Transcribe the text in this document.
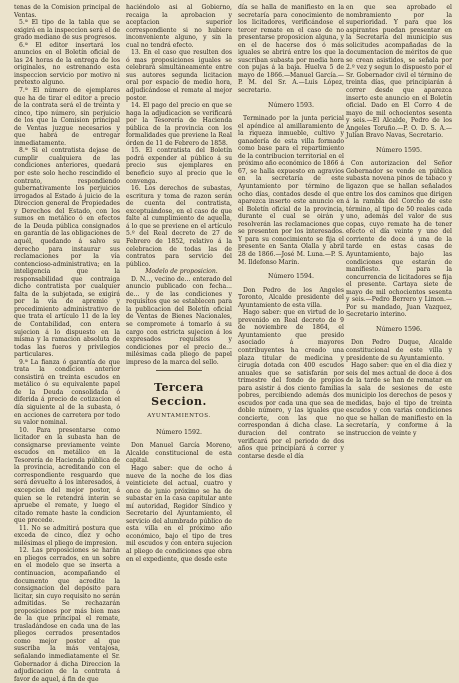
tenas de la Comision principal de Ventas.

5.ª El tipo de la tabla que se exigirá en la inspeccion será el de grado mediano de sus progresos.

6.ª El editor insertará los anuncios en el Boletín oficial de las 24 horas de la entrega de los originales, no estrenando esta inspeccion servicio por motivo ni pretexto alguno.

7.ª El número de ejemplares que ha de tirar el editor a precio de la contrata será el de treinta y cinco, tipo número, sin perjuicio de los que la Comision principal de Ventas juzgue necesarios y que habrá de entregar inmediatamente.

8.ª Si el contratista dejase de cumplir cualquiera de las condiciones anteriores, quedará por este solo hecho rescindido el contrato, respondiendo gubernativamente los perjuicios irrogados al Estado á juicio de la Direccion general de Propiedades y Derechos del Estado, con los sumos en metálico ó en efectos de la Deuda pública consignados en garantía de las obligaciones de aquél, quedando á salvo su derecho para instaurar sus reclamaciones por la vía contencioso-administrativa; en la inteligencia que la responsabilidad que contraiga dicho contratista por cualquier falta de la subjetada, se exigirá por la vía de apremio y procedimiento administrativo de que trata el artículo 11 de la ley de Contabilidad, con entera sujecion á lo dispuesto en la misma y la ramacion absoluta de todas las fueros y privilegios particulares.

9.ª La fianza ó garantía de que trata la condicion anterior consistirá en treinta escudos en metálico ó su equivalente papel de la Deuda consolidada ó diferida á precio de cotizacion el día siguiente al de la subasta, ó en acciones de carretera por todo su valor nominal.

10. Para presentarse como licitador en la subasta han de consignarse previamente veinte escudos en metálico en la Tesorería de Hacienda pública de la provincia, acreditando con el correspondiente resguardo que será devuelto á los interesados, á excepcion del mejor postor, á quien se le retendrá interin se apruebe el remate, y luego el citado remate haste la condicion que precede.

11. No se admitirá postura que exceda de cinco, diez y ocho milésimas el pliego de impresion.

12. Las proposiciones se harán en pliegos cerrados, en un sobre en el modelo que se inserta a continuacion, acompañando el documento que acredite la consignacion del depósito para licitar, sin cuyo requisito no serán admitidas. Se rechazarán proposiciones por más bien mas de la que principal el remate, trasladándose en cada una de las pliegos cerrados presentados como mejor postor al que suscriba la más ventajosa, señalando inmediatamente el Sr. Gobernador á dicha Direccion la adjudicacion de la contrata á favor de aquel, á fin de que

haciéndolo asi al Gobierno, recaiga la aprobacion y aceptacion superior correspondiente si no hubiere inconveniente alguno, y sin la cual no tendrá efecto.

13. En el caso que resulten dos ó mas proposiciones iguales se celebrará simultáneamente entre sus autores segunda licitacion oral por espacio de medio hora, adjudicándose el remate al mejor postor.

14. El pago del precio en que se haga la adjudicacion se verificará por la Tesorería de Hacienda pública de la provincia con los formalidades que previene la Real órden de 11 de Febrero de 1858.

15. El contratista del Boletín podrá expender al público á su precio sus ejemplares en beneficio suyo al precio que le convenga.

16. Los derechos de subastas, escritura y toma de razon serán de cuenta del contratista, exceptuándose, en el caso de que falte al cumplimiento de aquella, á lo que se previene en el artículo 5.º del Real decreto de 27 de Febrero de 1852, relativo á la celebracion de todas las de contratos para servicio del público.

Modelo de proposicion.

D. N..., vecino de... enterado del anuncio publicado con fecha... de... y de las condiciones y requisitos que se establecen para la publicacion del Boletín oficial de Ventas de Bienes Nacionales, se compromete á tomarlo á su cargo con estricta sujecion á los expresados requisitos y condiciones por el precio de... milésimas cada pliego de papel impreso de la marca del sello.

Tercera Seccion.
AYUNTAMIENTOS.
Número 1592.

Don Manuel García Moreno, Alcalde constitucional de esta capital.

Hago saber: que de ocho á nueve de la noche de los dias veinticiete del actual, cuatro y once de junio próximo se ha de subastar en la casa capitular ante mí autoridad, Regidor Síndico y Secretario del Ayuntamiento, el servicio del alumbrado público de esta villa en el próximo año económico, bajo el tipo de tres mil escudos y con entera sujecion al pliego de condiciones que obra en el expediente, que desde este

día se halla de manifiesto en la secretaría para conocimiento de los licitadores, verificándose el tercer remate en el caso de no presentarse proposicion alguna, y en el de hacerse dos ó más iguales se abrirá entre los que la suscriban subasta por media hora con pujas á la baja. Huelva 5 de mayo de 1866.—Manuel García.—P. M. del Sr. A.—Luis López, secretario.

Número 1593.

Terminado por la junta pericial el apéndice al amillaramiento de la riqueza inmueble, cultivo y ganadería de esta villa formado como base para el repartimiento de la contribucion territorial en el próximo año económico de 1866 á 67, se halla expuesto en agravios en la secretaría de este Ayuntamiento por término de ocho días, contados desde el que aparezca inserto este anuncio en el Boletín oficial de la provincia, durante el cual se oirán y resolverán las reclamaciones que se presenten por los interesados. Y para su conocimiento se fija el presente en Santa Olalla y abril 28 de 1866.—José M. Luna.—P. S. M. Ildefonso Marin.

Número 1594.

Don Pedro de los Angeles Toronto, Alcalde presidente del Ayuntamiento de esta villa.

Hago saber: que en virtud de lo prevenido en Real decreto de 9 de noviembre de 1864, el Ayuntamiento que presido asociado á mayores contribuyentes ha creado una plaza titular de medicina y cirugía dotada con 400 escudos anuales que se satisfarán por trimestre del fondo de propios para asistir á dos ciento familias pobres, percibiendo además dos escudos por cada una que sea de doble número, y las iguales que concierte, con las que no correspondan á dicha clase. La duracion del contrato se verificará por el periodo de dos años que principiará á correr y contarse desde el día

en que sea aprobado el nombramiento por la superioridad. Y para que los aspirantes puedan presentar en la Secretaría del municipio sus solicitudes acompañadas de la documentacion de méritos de que se crean asistidos, se señala por 2.º vez y segun lo dispuesto por el Sr. Gobernador civil el término de treinta días, que principiarán á correr desde que aparezca inserto este anuncio en el Boletín oficial. Dado en El Corro 4 de mayo de mil ochocientos sesenta y seis.—El Alcalde, Pedro de los Angeles Toruño.—P. O. D. S. A.—Julian Bravo Navas, Secretario.

Número 1595.

Con autorizacion del Señor Gobernador se vende en pública subasta novena pinos de tabaco y ligazon que se hallan señalados entre los dos caminos que dirigen á la rambla del Corcho de este término, al tipo de 50 reales cada uno, además del valor de sus copas, cuyo remate ha de tener efecto el día veinte y uno del corriente de doce á una de la tarde en estas casas de Ayuntamiento, bajo las condiciones que estarán de manifiesto. Y para la concurrencia de licitadores se fija el presente. Cartaya siete de mayo de mil ochocientos sesenta y seis.—Pedro Berrero y Limon.—Por su mandado, Juan Vazquez, Secretario interino.

Número 1596.

Don Pedro Duque, Alcalde constitucional de este villa y presidente de su Ayuntamiento.

Hago saber: que en el dia diez y seis del mes actual de doce á dos de la tarde se han de rematar en la sala de sesiones de este municipio los derechos de pesos y medidas, bajo el tipo de treinta escudos y con varias condiciones que se hallan de manifiesto en la secretaría, y conforme á la instruccion de veinte y
